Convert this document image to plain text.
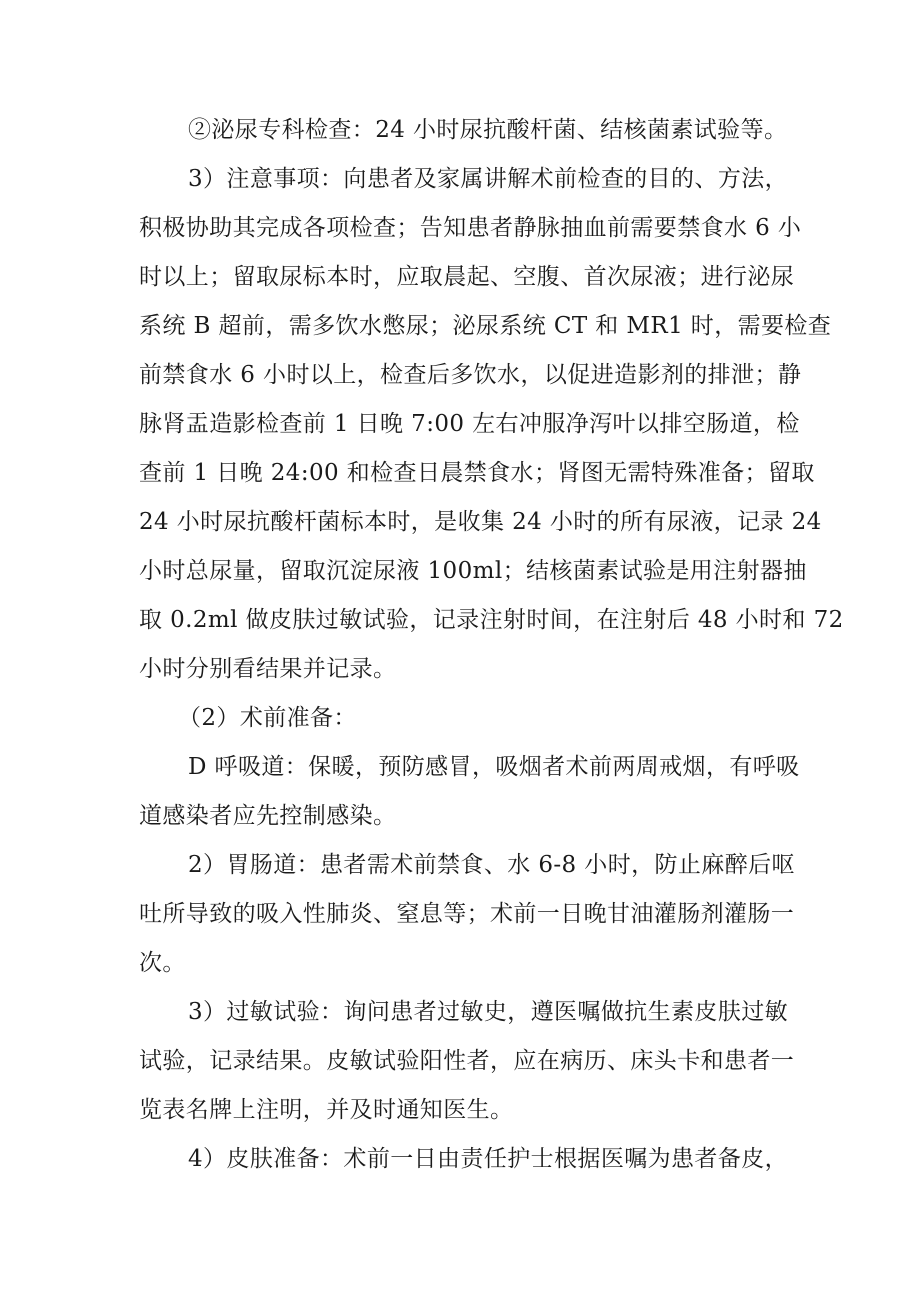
②泌尿专科检查：24 小时尿抗酸杆菌、结核菌素试验等。
3）注意事项：向患者及家属讲解术前检查的目的、方法，
积极协助其完成各项检查；告知患者静脉抽血前需要禁食水 6 小
时以上；留取尿标本时，应取晨起、空腹、首次尿液；进行泌尿
系统 B 超前，需多饮水憋尿；泌尿系统 CT 和 MR1 时，需要检查
前禁食水 6 小时以上，检查后多饮水，以促进造影剂的排泄；静
脉肾盂造影检查前 1 日晚 7:00 左右冲服净泻叶以排空肠道，检
查前 1 日晚 24:00 和检查日晨禁食水；肾图无需特殊准备；留取
24 小时尿抗酸杆菌标本时，是收集 24 小时的所有尿液，记录 24
小时总尿量，留取沉淀尿液 100ml；结核菌素试验是用注射器抽
取 0.2ml 做皮肤过敏试验，记录注射时间，在注射后 48 小时和 72
小时分别看结果并记录。
（2）术前准备：
D 呼吸道：保暖，预防感冒，吸烟者术前两周戒烟，有呼吸
道感染者应先控制感染。
2）胃肠道：患者需术前禁食、水 6-8 小时，防止麻醉后呕
吐所导致的吸入性肺炎、窒息等；术前一日晚甘油灌肠剂灌肠一
次。
3）过敏试验：询问患者过敏史，遵医嘱做抗生素皮肤过敏
试验，记录结果。皮敏试验阳性者，应在病历、床头卡和患者一
览表名牌上注明，并及时通知医生。
4）皮肤准备：术前一日由责任护士根据医嘱为患者备皮，
